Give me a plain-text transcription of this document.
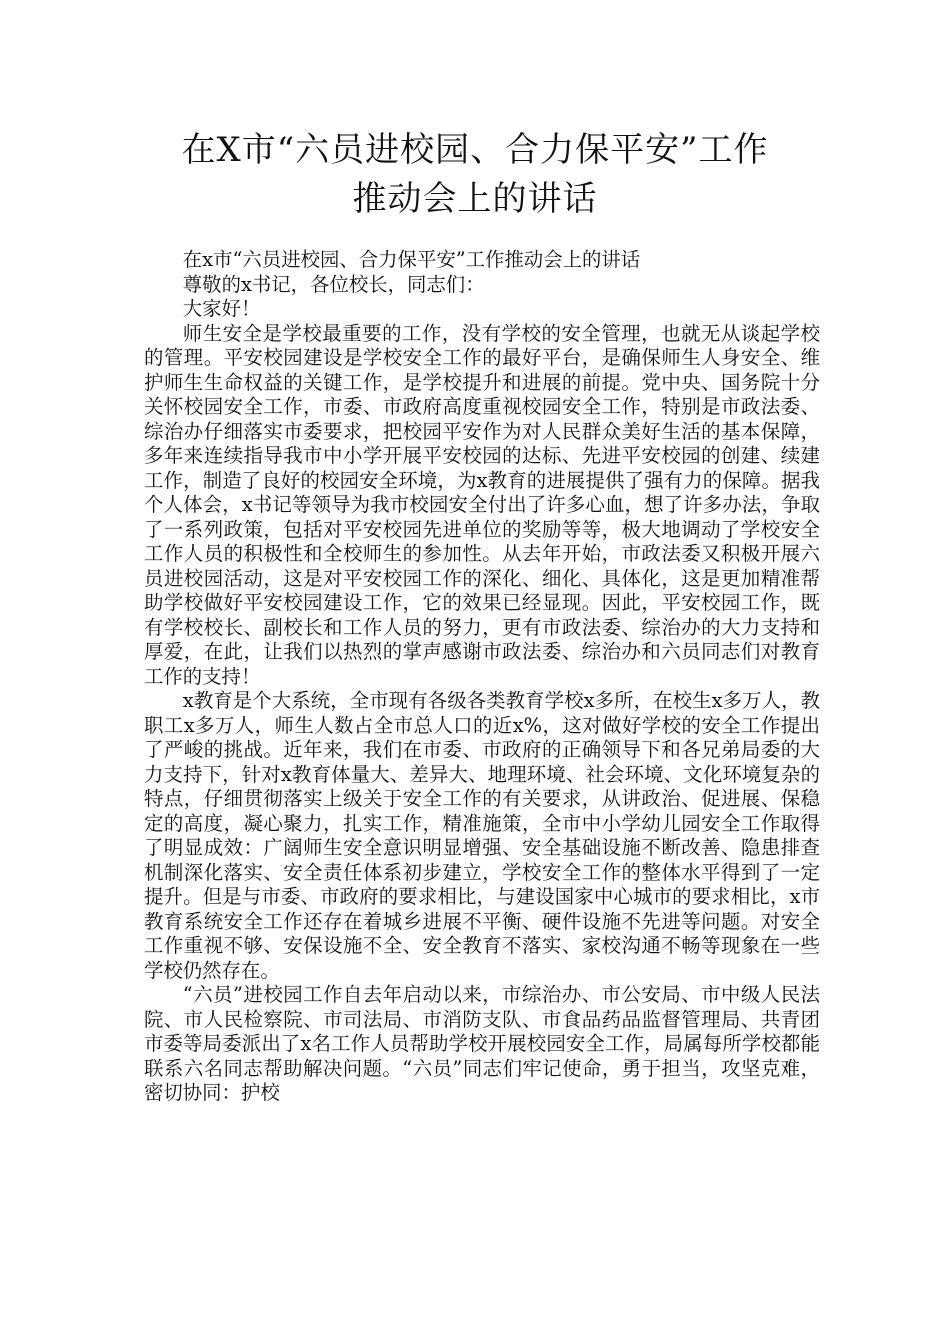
在X市“六员进校园、合力保平安”工作
推动会上的讲话

在x市“六员进校园、合力保平安”工作推动会上的讲话

尊敬的x书记，各位校长，同志们：

大家好！

师生安全是学校最重要的工作，没有学校的安全管理，也就无从谈起学校的管理。平安校园建设是学校安全工作的最好平台，是确保师生人身安全、维护师生生命权益的关键工作，是学校提升和进展的前提。党中央、国务院十分关怀校园安全工作，市委、市政府高度重视校园安全工作，特别是市政法委、综治办仔细落实市委要求，把校园平安作为对人民群众美好生活的基本保障，多年来连续指导我市中小学开展平安校园的达标、先进平安校园的创建、续建工作，制造了良好的校园安全环境，为x教育的进展提供了强有力的保障。据我个人体会，x书记等领导为我市校园安全付出了许多心血，想了许多办法，争取了一系列政策，包括对平安校园先进单位的奖励等等，极大地调动了学校安全工作人员的积极性和全校师生的参加性。从去年开始，市政法委又积极开展六员进校园活动，这是对平安校园工作的深化、细化、具体化，这是更加精准帮助学校做好平安校园建设工作，它的效果已经显现。因此，平安校园工作，既有学校校长、副校长和工作人员的努力，更有市政法委、综治办的大力支持和厚爱，在此，让我们以热烈的掌声感谢市政法委、综治办和六员同志们对教育工作的支持！

x教育是个大系统，全市现有各级各类教育学校x多所，在校生x多万人，教职工x多万人，师生人数占全市总人口的近x%，这对做好学校的安全工作提出了严峻的挑战。近年来，我们在市委、市政府的正确领导下和各兄弟局委的大力支持下，针对x教育体量大、差异大、地理环境、社会环境、文化环境复杂的特点，仔细贯彻落实上级关于安全工作的有关要求，从讲政治、促进展、保稳定的高度，凝心聚力，扎实工作，精准施策，全市中小学幼儿园安全工作取得了明显成效：广阔师生安全意识明显增强、安全基础设施不断改善、隐患排查机制深化落实、安全责任体系初步建立，学校安全工作的整体水平得到了一定提升。但是与市委、市政府的要求相比，与建设国家中心城市的要求相比，x市教育系统安全工作还存在着城乡进展不平衡、硬件设施不先进等问题。对安全工作重视不够、安保设施不全、安全教育不落实、家校沟通不畅等现象在一些学校仍然存在。

“六员”进校园工作自去年启动以来，市综治办、市公安局、市中级人民法院、市人民检察院、市司法局、市消防支队、市食品药品监督管理局、共青团市委等局委派出了x名工作人员帮助学校开展校园安全工作，局属每所学校都能联系六名同志帮助解决问题。“六员”同志们牢记使命，勇于担当，攻坚克难，密切协同：护校
